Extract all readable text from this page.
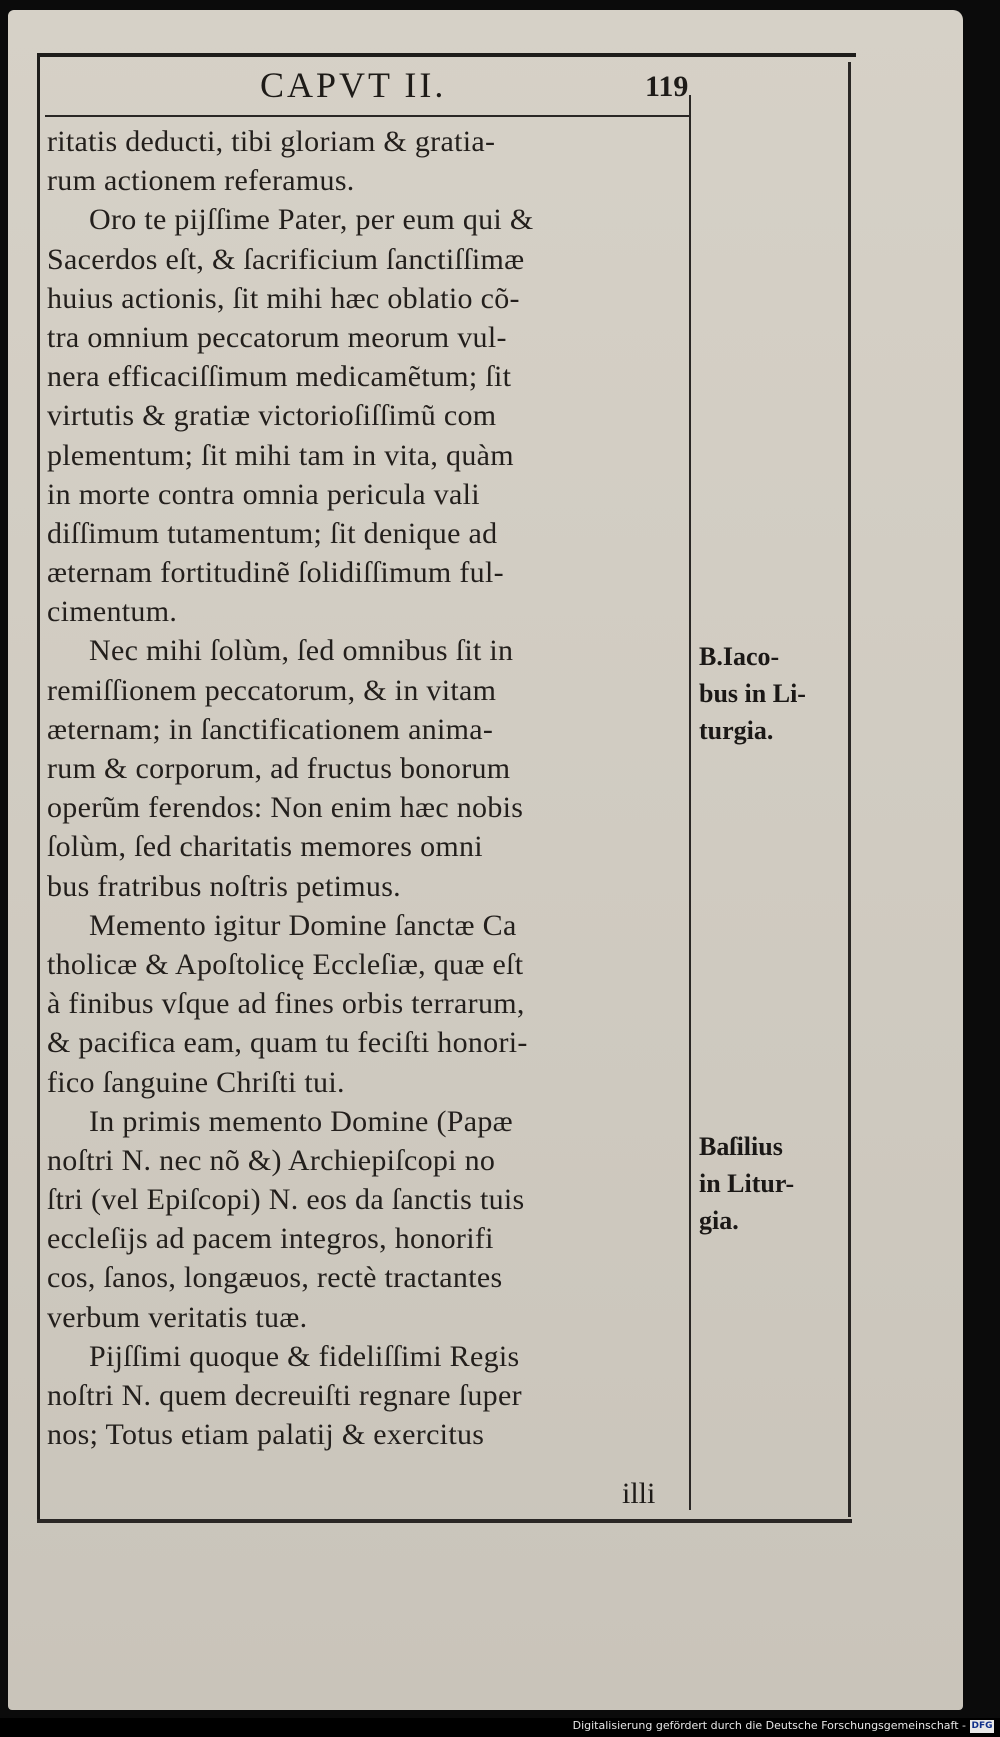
CAPVT II.	119
ritatis deducti, tibi gloriam & gratia-
rum actionem referamus.
Oro te pijſſime Pater, per eum qui &
Sacerdos eſt, & ſacrificium ſanctiſſimæ
huius actionis, ſit mihi hæc oblatio cõ-
tra omnium peccatorum meorum vul-
nera efficaciſſimum medicamẽtum; ſit
virtutis & gratiæ victorioſiſſimũ com
plementum; ſit mihi tam in vita, quàm
in morte contra omnia pericula vali
diſſimum tutamentum; ſit denique ad
æternam fortitudinẽ ſolidiſſimum ful-
cimentum.
Nec mihi ſolùm, ſed omnibus ſit in
remiſſionem peccatorum, & in vitam
æternam; in ſanctificationem anima-
rum & corporum, ad fructus bonorum
operũm ferendos: Non enim hæc nobis
ſolùm, ſed charitatis memores omni
bus fratribus noſtris petimus.
Memento igitur Domine ſanctæ Ca
tholicæ & Apoſtolicę Eccleſiæ, quæ eſt
à finibus vſque ad fines orbis terrarum,
& pacifica eam, quam tu feciſti honori-
fico ſanguine Chriſti tui.
In primis memento Domine (Papæ
noſtri N. nec nõ &) Archiepiſcopi no
ſtri (vel Epiſcopi) N. eos da ſanctis tuis
eccleſijs ad pacem integros, honorifi
cos, ſanos, longæuos, rectè tractantes
verbum veritatis tuæ.
Pijſſimi quoque & fideliſſimi Regis
noſtri N. quem decreuiſti regnare ſuper
nos; Totus etiam palatij & exercitus
illi
B.Iaco-
bus in Li-
turgia.
Baſilius
in Litur-
gia.
Digitalisierung gefördert durch die Deutsche Forschungsgemeinschaft - DFG
